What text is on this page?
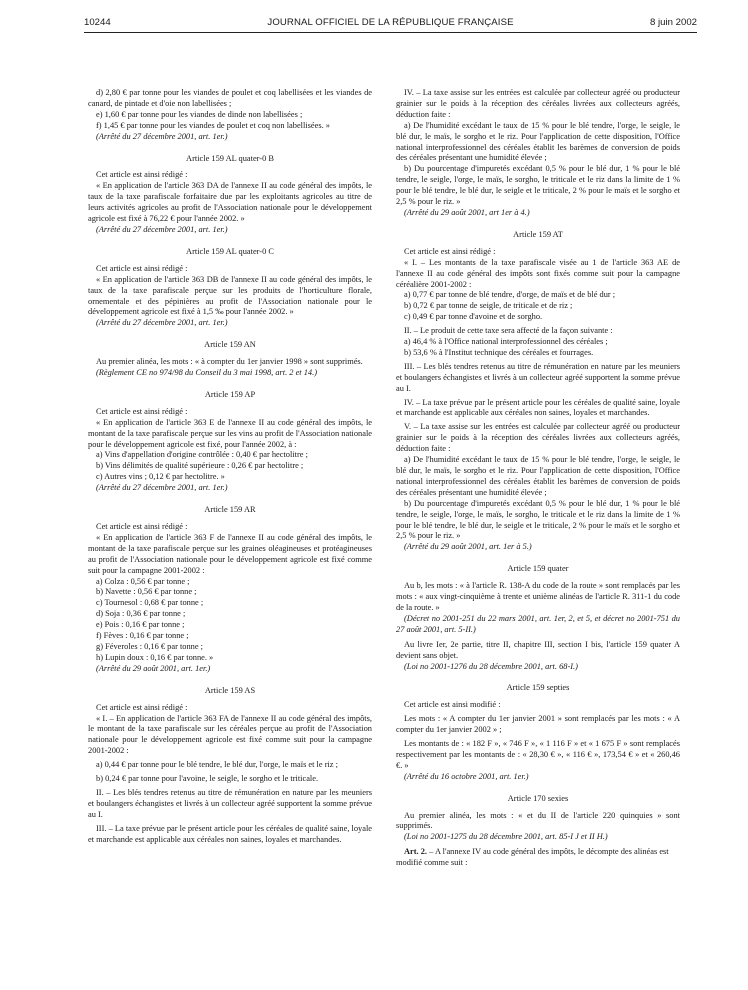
10244	JOURNAL OFFICIEL DE LA RÉPUBLIQUE FRANÇAISE	8 juin 2002

d) 2,80 € par tonne pour les viandes de poulet et coq labellisées et les viandes de canard, de pintade et d'oie non labellisées ;

e) 1,60 € par tonne pour les viandes de dinde non labellisées ;

f) 1,45 € par tonne pour les viandes de poulet et coq non labellisées. »

(Arrêté du 27 décembre 2001, art. 1er.)

Article 159 AL quater-0 B

Cet article est ainsi rédigé :

« En application de l'article 363 DA de l'annexe II au code général des impôts, le taux de la taxe parafiscale forfaitaire due par les exploitants agricoles au titre de leurs activités agricoles au profit de l'Association nationale pour le développement agricole est fixé à 76,22 € pour l'année 2002. »

(Arrêté du 27 décembre 2001, art. 1er.)

Article 159 AL quater-0 C

Cet article est ainsi rédigé :

« En application de l'article 363 DB de l'annexe II au code général des impôts, le taux de la taxe parafiscale perçue sur les produits de l'horticulture florale, ornementale et des pépinières au profit de l'Association nationale pour le développement agricole est fixé à 1,5 ‰ pour l'année 2002. »

(Arrêté du 27 décembre 2001, art. 1er.)

Article 159 AN

Au premier alinéa, les mots : « à compter du 1er janvier 1998 » sont supprimés.

(Règlement CE no 974/98 du Conseil du 3 mai 1998, art. 2 et 14.)

Article 159 AP

Cet article est ainsi rédigé :

« En application de l'article 363 E de l'annexe II au code général des impôts, le montant de la taxe parafiscale perçue sur les vins au profit de l'Association nationale pour le développement agricole est fixé, pour l'année 2002, à :

a) Vins d'appellation d'origine contrôlée : 0,40 € par hectolitre ;

b) Vins délimités de qualité supérieure : 0,26 € par hectolitre ;

c) Autres vins ; 0,12 € par hectolitre. »

(Arrêté du 27 décembre 2001, art. 1er.)

Article 159 AR

Cet article est ainsi rédigé :

« En application de l'article 363 F de l'annexe II au code général des impôts, le montant de la taxe parafiscale perçue sur les graines oléagineuses et protéagineuses au profit de l'Association nationale pour le développement agricole est fixé comme suit pour la campagne 2001-2002 :

a) Colza : 0,56 € par tonne ;

b) Navette : 0,56 € par tonne ;

c) Tournesol : 0,68 € par tonne ;

d) Soja : 0,36 € par tonne ;

e) Pois : 0,16 € par tonne ;

f) Fèves : 0,16 € par tonne ;

g) Féveroles : 0,16 € par tonne ;

h) Lupin doux : 0,16 € par tonne. »

(Arrêté du 29 août 2001, art. 1er.)

Article 159 AS

Cet article est ainsi rédigé :

« I. – En application de l'article 363 FA de l'annexe II au code général des impôts, le montant de la taxe parafiscale sur les céréales perçue au profit de l'Association nationale pour le développement agricole est fixé comme suit pour la campagne 2001-2002 :

a) 0,44 € par tonne pour le blé tendre, le blé dur, l'orge, le maïs et le riz ;

b) 0,24 € par tonne pour l'avoine, le seigle, le sorgho et le triticale.

II. – Les blés tendres retenus au titre de rémunération en nature par les meuniers et boulangers échangistes et livrés à un collecteur agréé supportent la somme prévue au I.

III. – La taxe prévue par le présent article pour les céréales de qualité saine, loyale et marchande est applicable aux céréales non saines, loyales et marchandes.

IV. – La taxe assise sur les entrées est calculée par collecteur agréé ou producteur grainier sur le poids à la réception des céréales livrées aux collecteurs agréés, déduction faite :

a) De l'humidité excédant le taux de 15 % pour le blé tendre, l'orge, le seigle, le blé dur, le maïs, le sorgho et le riz. Pour l'application de cette disposition, l'Office national interprofessionnel des céréales établit les barèmes de conversion de poids des céréales présentant une humidité élevée ;

b) Du pourcentage d'impuretés excédant 0,5 % pour le blé dur, 1 % pour le blé tendre, le seigle, l'orge, le maïs, le sorgho, le triticale et le riz dans la limite de 1 % pour le blé tendre, le blé dur, le seigle et le triticale, 2 % pour le maïs et le sorgho et 2,5 % pour le riz. »

(Arrêté du 29 août 2001, art 1er à 4.)

Article 159 AT

Cet article est ainsi rédigé :

« I. – Les montants de la taxe parafiscale visée au 1 de l'article 363 AE de l'annexe II au code général des impôts sont fixés comme suit pour la campagne céréalière 2001-2002 :

a) 0,77 € par tonne de blé tendre, d'orge, de maïs et de blé dur ;

b) 0,72 € par tonne de seigle, de triticale et de riz ;

c) 0,49 € par tonne d'avoine et de sorgho.

II. – Le produit de cette taxe sera affecté de la façon suivante :

a) 46,4 % à l'Office national interprofessionnel des céréales ;

b) 53,6 % à l'Institut technique des céréales et fourrages.

III. – Les blés tendres retenus au titre de rémunération en nature par les meuniers et boulangers échangistes et livrés à un collecteur agréé supportent la somme prévue au I.

IV. – La taxe prévue par le présent article pour les céréales de qualité saine, loyale et marchande est applicable aux céréales non saines, loyales et marchandes.

V. – La taxe assise sur les entrées est calculée par collecteur agréé ou producteur grainier sur le poids à la réception des céréales livrées aux collecteurs agréés, déduction faite :

a) De l'humidité excédant le taux de 15 % pour le blé tendre, l'orge, le seigle, le blé dur, le maïs, le sorgho et le riz. Pour l'application de cette disposition, l'Office national interprofessionnel des céréales établit les barèmes de conversion de poids des céréales présentant une humidité élevée ;

b) Du pourcentage d'impuretés excédant 0,5 % pour le blé dur, 1 % pour le blé tendre, le seigle, l'orge, le maïs, le sorgho, le triticale et le riz dans la limite de 1 % pour le blé tendre, le blé dur, le seigle et le triticale, 2 % pour le maïs et le sorgho et 2,5 % pour le riz. »

(Arrêté du 29 août 2001, art. 1er à 5.)

Article 159 quater

Au b, les mots : « à l'article R. 138-A du code de la route » sont remplacés par les mots : « aux vingt-cinquième à trente et unième alinéas de l'article R. 311-1 du code de la route. »

(Décret no 2001-251 du 22 mars 2001, art. 1er, 2, et 5, et décret no 2001-751 du 27 août 2001, art. 5-II.)

Au livre Ier, 2e partie, titre II, chapitre III, section I bis, l'article 159 quater A devient sans objet.

(Loi no 2001-1276 du 28 décembre 2001, art. 68-I.)

Article 159 septies

Cet article est ainsi modifié :

Les mots : « A compter du 1er janvier 2001 » sont remplacés par les mots : « A compter du 1er janvier 2002 » ;

Les montants de : « 182 F », « 746 F », « 1 116 F » et « 1 675 F » sont remplacés respectivement par les montants de : « 28,30 € », « 116 € », 173,54 € » et « 260,46 €. »

(Arrêté du 16 octobre 2001, art. 1er.)

Article 170 sexies

Au premier alinéa, les mots : « et du II de l'article 220 quinquies » sont supprimés.

(Loi no 2001-1275 du 28 décembre 2001, art. 85-I J et II H.)

Art. 2. – A l'annexe IV au code général des impôts, le décompte des alinéas est modifié comme suit :
